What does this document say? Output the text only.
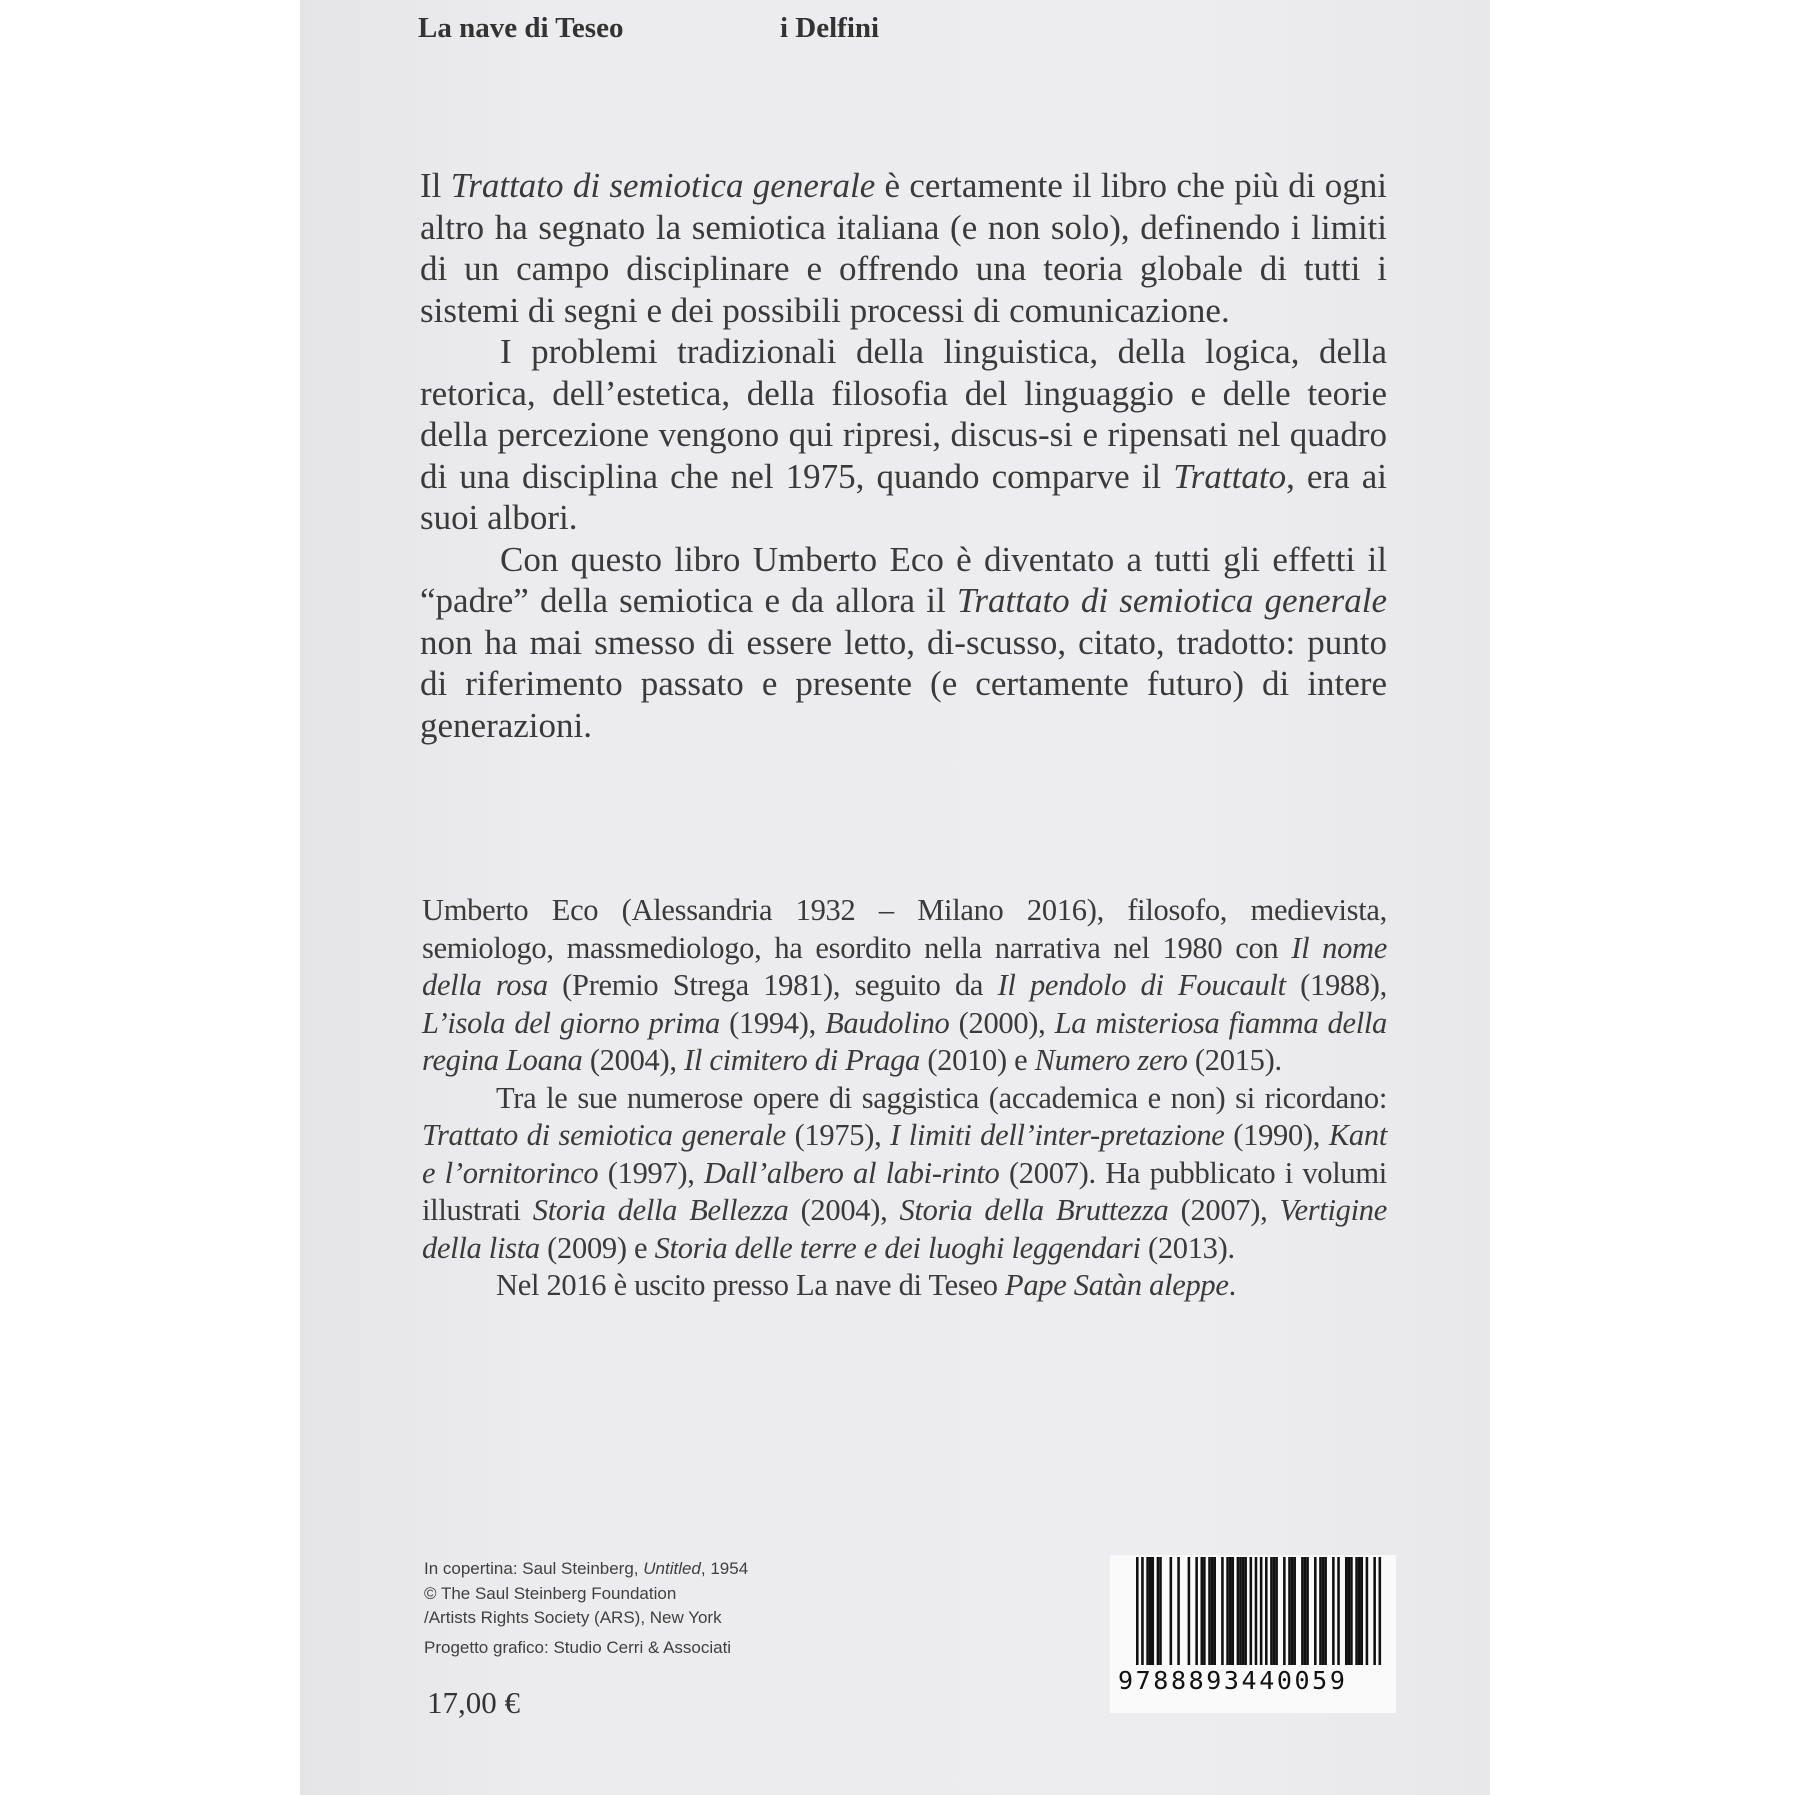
La nave di Teseo	i Delfini

Il Trattato di semiotica generale è certamente il libro che più di ogni altro ha segnato la semiotica italiana (e non solo), definendo i limiti di un campo disciplinare e offrendo una teoria globale di tutti i sistemi di segni e dei possibili processi di comunicazione.

I problemi tradizionali della linguistica, della logica, della retorica, dell’estetica, della filosofia del linguaggio e delle teorie della percezione vengono qui ripresi, discus-si e ripensati nel quadro di una disciplina che nel 1975, quando comparve il Trattato, era ai suoi albori.

Con questo libro Umberto Eco è diventato a tutti gli effetti il “padre” della semiotica e da allora il Trattato di semiotica generale non ha mai smesso di essere letto, di-scusso, citato, tradotto: punto di riferimento passato e presente (e certamente futuro) di intere generazioni.

Umberto Eco (Alessandria 1932 – Milano 2016), filosofo, medievista, semiologo, massmediologo, ha esordito nella narrativa nel 1980 con Il nome della rosa (Premio Strega 1981), seguito da Il pendolo di Foucault (1988), L’isola del giorno prima (1994), Baudolino (2000), La misteriosa fiamma della regina Loana (2004), Il cimitero di Praga (2010) e Numero zero (2015).

Tra le sue numerose opere di saggistica (accademica e non) si ricordano: Trattato di semiotica generale (1975), I limiti dell’inter-pretazione (1990), Kant e l’ornitorinco (1997), Dall’albero al labi-rinto (2007). Ha pubblicato i volumi illustrati Storia della Bellezza (2004), Storia della Bruttezza (2007), Vertigine della lista (2009) e Storia delle terre e dei luoghi leggendari (2013).

Nel 2016 è uscito presso La nave di Teseo Pape Satàn aleppe.

In copertina: Saul Steinberg, Untitled, 1954
© The Saul Steinberg Foundation
/Artists Rights Society (ARS), New York
Progetto grafico: Studio Cerri & Associati
17,00 €
9788893440059
